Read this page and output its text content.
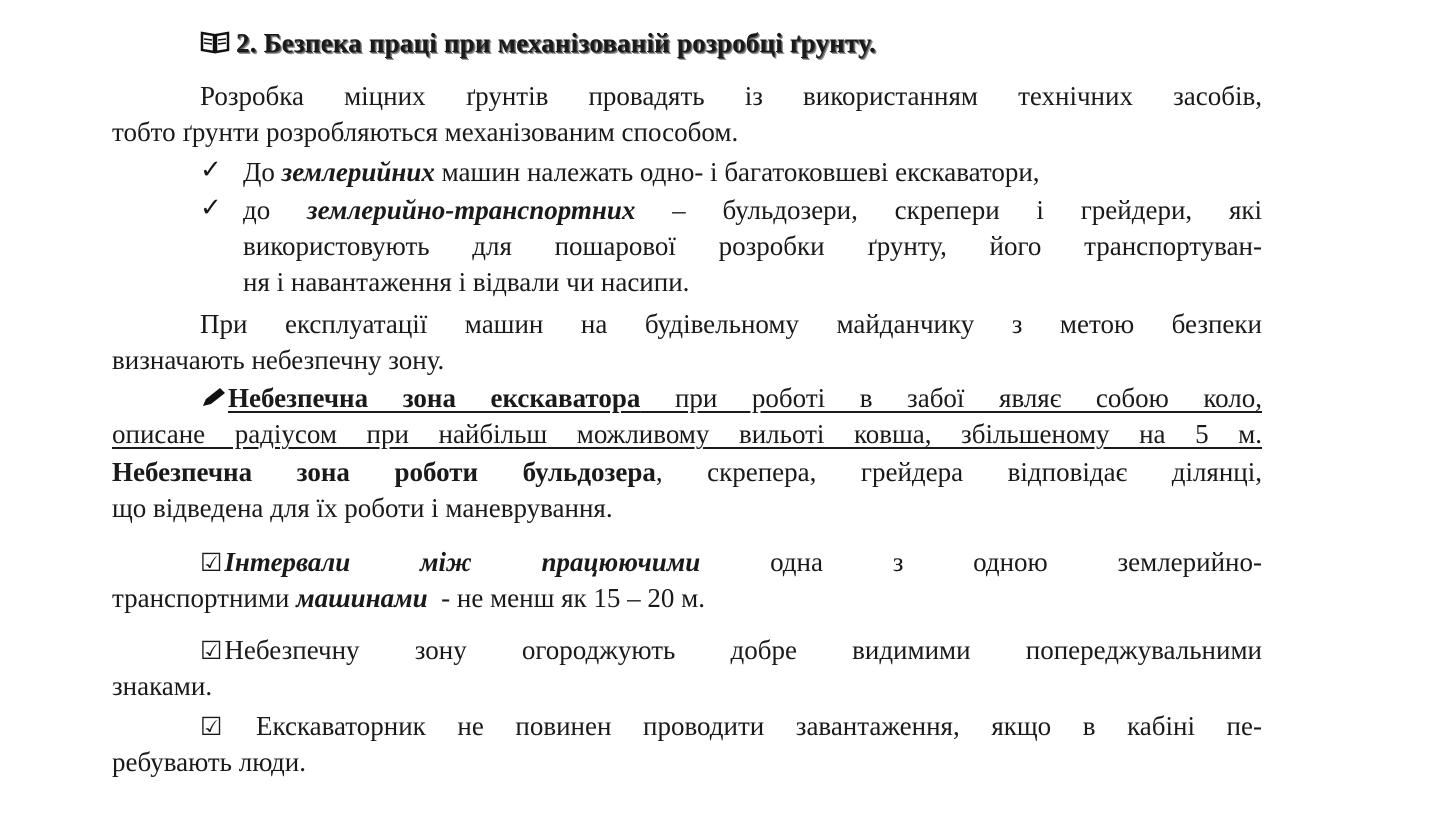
2. Безпека праці при механізованій розробці ґрунту.
Розробка міцних ґрунтів провадять із використанням технічних засобів,
тобто ґрунти розробляються механізованим способом.
✓ До землерийних машин належать одно- і багатоковшеві екскаватори,
✓ до землерийно-транспортних – бульдозери, скрепери і грейдери, які
використовують для пошарової розробки ґрунту, його транспортуван-
ня і навантаження і відвали чи насипи.
При експлуатації машин на будівельному майданчику з метою безпеки
визначають небезпечну зону.
Небезпечна зона екскаватора при роботі в забої являє собою коло,
описане радіусом при найбільш можливому вильоті ковша, збільшеному на 5 м.
Небезпечна зона роботи бульдозера, скрепера, грейдера відповідає ділянці,
що відведена для їх роботи і маневрування.
☑Інтервали між працюючими одна з одною землерийно-
транспортними машинами  - не менш як 15 – 20 м.
☑Небезпечну зону огороджують добре видимими попереджувальними
знаками.
☑ Екскаваторник не повинен проводити завантаження, якщо в кабіні пе-
ребувають люди.
